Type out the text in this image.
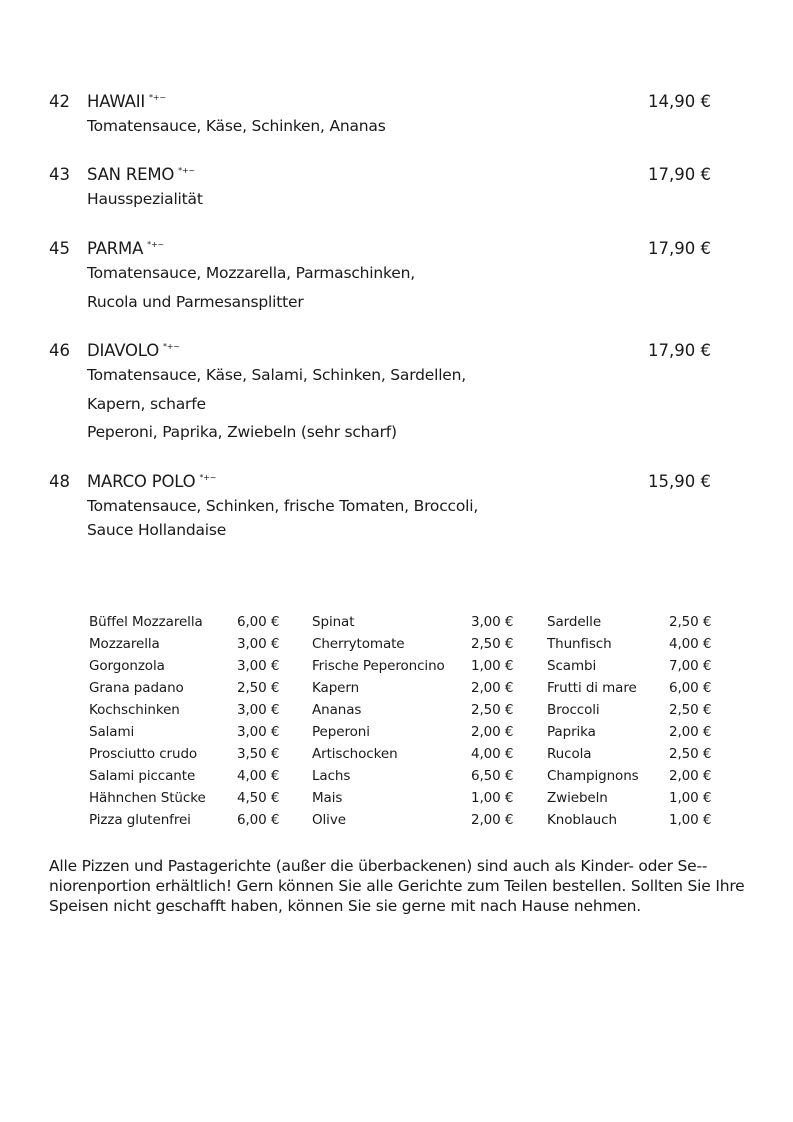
42 HAWAII *+~	14,90 €
Tomatensauce, Käse, Schinken, Ananas
43 SAN REMO *+~	17,90 €
Hausspezialität
45 PARMA *+~	17,90 €
Tomatensauce, Mozzarella, Parmaschinken,
Rucola und Parmesansplitter
46 DIAVOLO *+~	17,90 €
Tomatensauce, Käse, Salami, Schinken, Sardellen,
Kapern, scharfe
Peperoni, Paprika, Zwiebeln (sehr scharf)
48 MARCO POLO *+~	15,90 €
Tomatensauce, Schinken, frische Tomaten, Broccoli,
Sauce Hollandaise
Büffel Mozzarella	6,00 € Spinat	3,00 € Sardelle	2,50 €
Mozzarella	3,00 € Cherrytomate	2,50 € Thunfisch	4,00 €
Gorgonzola	3,00 € Frische Peperoncino 1,00 € Scambi	7,00 €
Grana padano	2,50 € Kapern	2,00 € Frutti di mare 6,00 €
Kochschinken	3,00 € Ananas	2,50 € Broccoli	2,50 €
Salami	3,00 € Peperoni	2,00 € Paprika	2,00 €
Prosciutto crudo	3,50 € Artischocken	4,00 € Rucola	2,50 €
Salami piccante	4,00 € Lachs	6,50 € Champignons 2,00 €
Hähnchen Stücke 4,50 € Mais	1,00 € Zwiebeln	1,00 €
Pizza glutenfrei	6,00 € Olive	2,00 € Knoblauch	1,00 €
Alle Pizzen und Pastagerichte (außer die überbackenen) sind auch als Kinder- oder Se-niorenportion erhältlich! Gern können Sie alle Gerichte zum Teilen bestellen. Sollten Sie Ihre Speisen nicht geschafft haben, können Sie sie gerne mit nach Hause nehmen.
